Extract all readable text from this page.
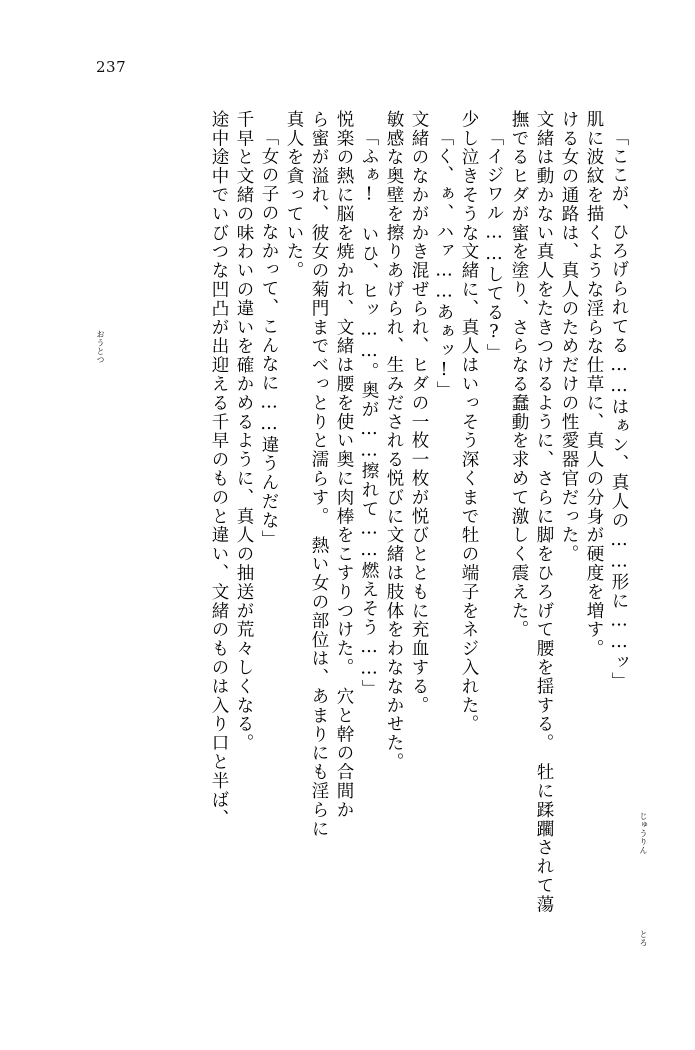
237
「ここが、ひろげられてる……はぁン、真人の……形に……ッ」
肌に波紋を描くような淫らな仕草に、真人の分身が硬度を増す。
ける女の通路は、真人のためだけの性愛器官だった。
文緒は動かない真人をたきつけるように、さらに脚をひろげて腰を揺する。　牡に蹂躙されて蕩
撫でるヒダが蜜を塗り、さらなる蠢動を求めて激しく震えた。
「イジワル……してる?」
少し泣きそうな文緒に、真人はいっそう深くまで牡の端子をネジ入れた。
「く、ぁ、ハァ……あぁッ!」
文緒のなかがかき混ぜられ、ヒダの一枚一枚が悦びとともに充血する。
敏感な奥壁を擦りあげられ、生みだされる悦びに文緒は肢体をわななかせた。
「ふぁ!　いひ、ヒッ……。奥が……擦れて……燃えそう……」
悦楽の熱に脳を焼かれ、文緒は腰を使い奥に肉棒をこすりつけた。　穴と幹の合間か
ら蜜が溢れ、彼女の菊門までべっとりと濡らす。　熱い女の部位は、あまりにも淫らに
真人を貪っていた。
「女の子のなかって、こんなに……違うんだな」
千早と文緒の味わいの違いを確かめるように、真人の抽送が荒々しくなる。
途中途中でいびつな凹凸が出迎える千早のものと違い、文緒のものは入り口と半ば、
じゅうりん
とろ
おうとつ
